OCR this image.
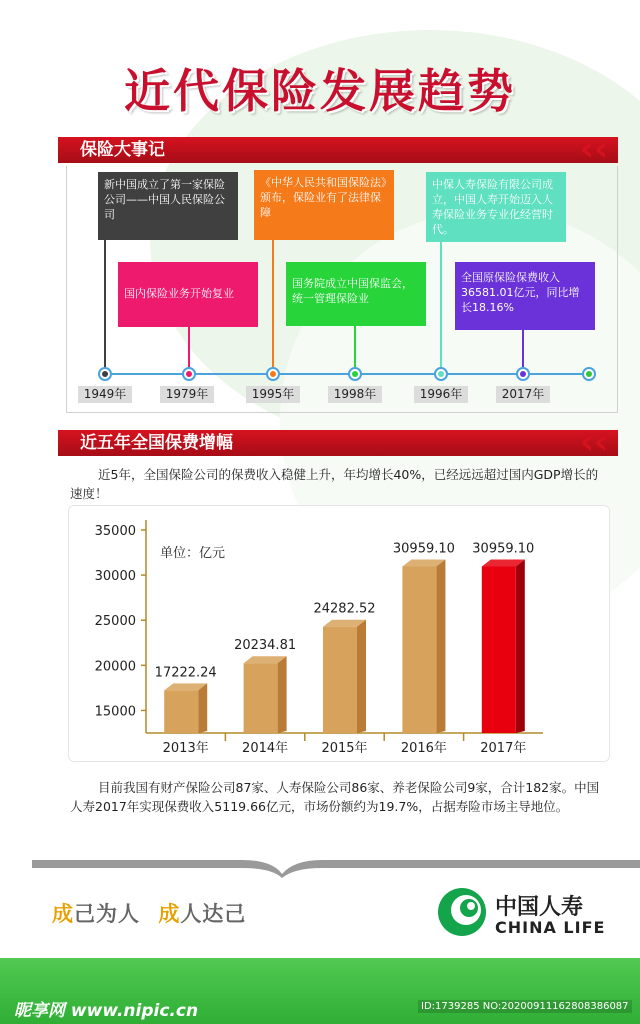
近代保险发展趋势
保险大事记	‹‹
新中国成立了第一家保险公司——中国人民保险公司
国内保险业务开始复业
《中华人民共和国保险法》颁布，保险业有了法律保障
国务院成立中国保监会，统一管理保险业
中保人寿保险有限公司成立，中国人寿开始迈入人寿保险业务专业化经营时代。
全国原保险保费收入36581.01亿元，同比增长18.16%
1949年	1979年	1995年	1998年	1996年	2017年
近五年全国保费增幅	‹‹
近5年，全国保险公司的保费收入稳健上升，年均增长40%，已经远远超过国内GDP增长的速度！
35000
30000
25000
20000
15000
单位：亿元
17222.24
2013年
20234.81
2014年
24282.52
2015年
30959.10
2016年
30959.10
2017年
目前我国有财产保险公司87家、人寿保险公司86家、养老保险公司9家，合计182家。中国人寿2017年实现保费收入5119.66亿元，市场份额约为19.7%，占据寿险市场主导地位。
成己为人 成人达己	中国人寿
CHINA LIFE
昵享网 www.nipic.cn	ID:1739285 NO:20200911162808386087
